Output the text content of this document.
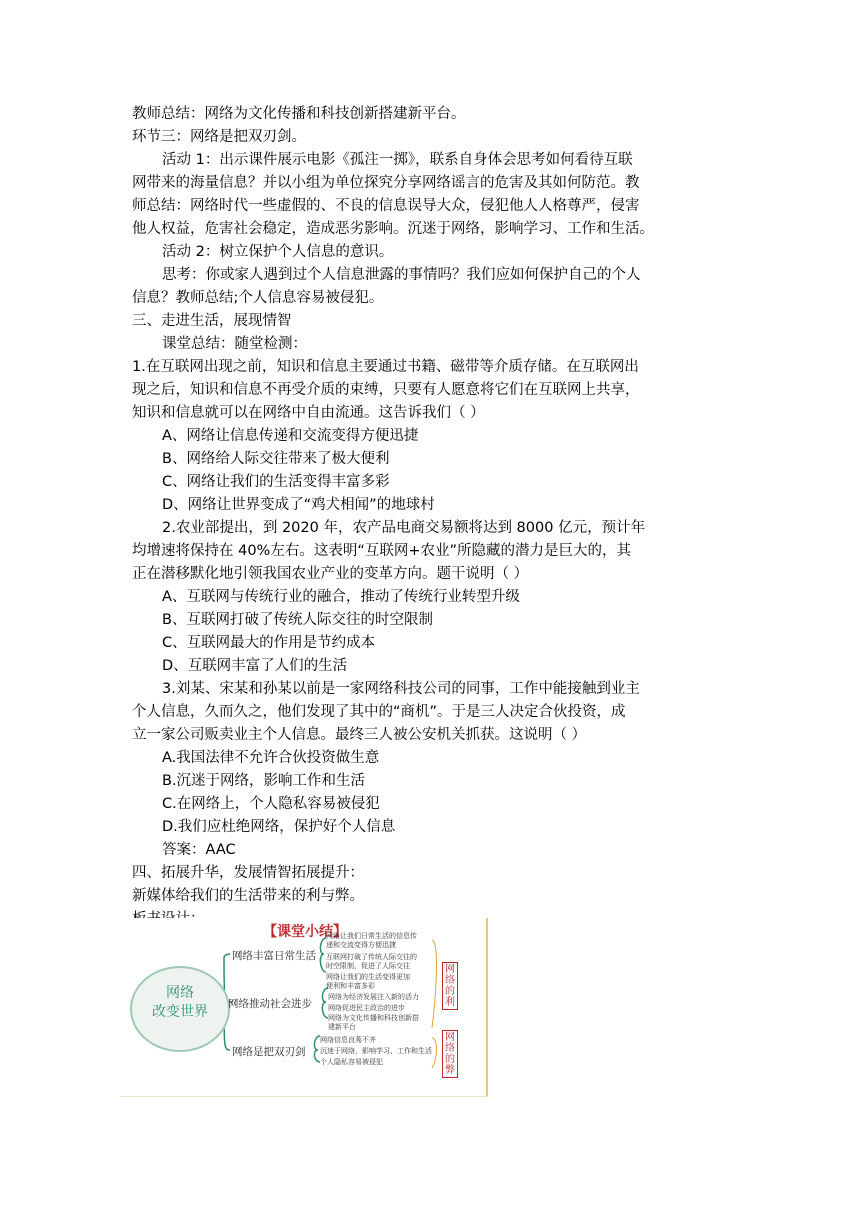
教师总结：网络为文化传播和科技创新搭建新平台。
环节三：网络是把双刃剑。
活动 1：出示课件展示电影《孤注一掷》，联系自身体会思考如何看待互联
网带来的海量信息？并以小组为单位探究分享网络谣言的危害及其如何防范。教
师总结：网络时代一些虚假的、不良的信息误导大众，侵犯他人人格尊严，侵害
他人权益，危害社会稳定，造成恶劣影响。沉迷于网络，影响学习、工作和生活。
活动 2：树立保护个人信息的意识。
思考：你或家人遇到过个人信息泄露的事情吗？我们应如何保护自己的个人
信息？教师总结;个人信息容易被侵犯。
三、走进生活，展现情智
课堂总结：随堂检测：
1.在互联网出现之前，知识和信息主要通过书籍、磁带等介质存储。在互联网出
现之后，知识和信息不再受介质的束缚，只要有人愿意将它们在互联网上共享，
知识和信息就可以在网络中自由流通。这告诉我们（ ）
A、网络让信息传递和交流变得方便迅捷
B、网络给人际交往带来了极大便利
C、网络让我们的生活变得丰富多彩
D、网络让世界变成了“鸡犬相闻”的地球村
2.农业部提出，到 2020 年，农产品电商交易额将达到 8000 亿元，预计年
均增速将保持在 40%左右。这表明“互联网+农业”所隐藏的潜力是巨大的，其
正在潜移默化地引领我国农业产业的变革方向。题干说明（ ）
A、互联网与传统行业的融合，推动了传统行业转型升级
B、互联网打破了传统人际交往的时空限制
C、互联网最大的作用是节约成本
D、互联网丰富了人们的生活
3.刘某、宋某和孙某以前是一家网络科技公司的同事，工作中能接触到业主
个人信息，久而久之，他们发现了其中的“商机”。于是三人决定合伙投资，成
立一家公司贩卖业主个人信息。最终三人被公安机关抓获。这说明（ ）
A.我国法律不允许合伙投资做生意
B.沉迷于网络，影响工作和生活
C.在网络上，个人隐私容易被侵犯
D.我们应杜绝网络，保护好个人信息
答案：AAC
四、拓展升华，发展情智拓展提升：
新媒体给我们的生活带来的利与弊。
【课堂小结】
网络
改变世界
网络丰富日常生活
网络推动社会进步
网络是把双刃剑
网络让我们日常生活的信息传
递和交流变得方便迅捷
互联网打破了传统人际交往的
时空限制，促进了人际交往
网络让我们的生活变得更加
便利和丰富多彩
网络为经济发展注入新的活力
网络促进民主政治的进步
网络为文化传播和科技创新搭
建新平台
网络信息良莠不齐
沉迷于网络，影响学习、工作和生活
个人隐私容易被侵犯
网络的利
网络的弊
